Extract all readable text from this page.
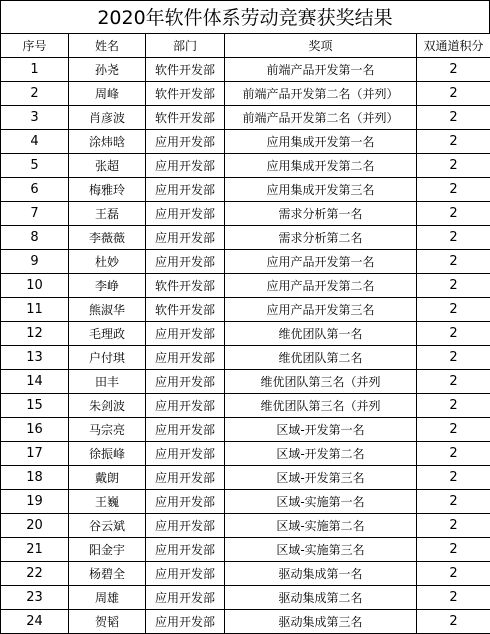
2020年软件体系劳动竞赛获奖结果
序号	姓名	部门	奖项	双通道积分
1	孙尧	软件开发部	前端产品开发第一名	2
2	周峰	软件开发部	前端产品开发第二名（并列）	2
3	肖彦波	软件开发部	前端产品开发第二名（并列）	2
4	涂炜晗	应用开发部	应用集成开发第一名	2
5	张超	应用开发部	应用集成开发第二名	2
6	梅雅玲	应用开发部	应用集成开发第三名	2
7	王磊	应用开发部	需求分析第一名	2
8	李薇薇	应用开发部	需求分析第二名	2
9	杜妙	应用开发部	应用产品开发第一名	2
10	李峥	软件开发部	应用产品开发第二名	2
11	熊淑华	软件开发部	应用产品开发第三名	2
12	毛理政	应用开发部	维优团队第一名	2
13	户付琪	应用开发部	维优团队第二名	2
14	田丰	应用开发部	维优团队第三名（并列	2
15	朱剑波	应用开发部	维优团队第三名（并列	2
16	马宗亮	应用开发部	区域-开发第一名	2
17	徐振峰	应用开发部	区域-开发第二名	2
18	戴朗	应用开发部	区域-开发第三名	2
19	王巍	应用开发部	区域-实施第一名	2
20	谷云斌	应用开发部	区域-实施第二名	2
21	阳金宇	应用开发部	区域-实施第三名	2
22	杨碧全	应用开发部	驱动集成第一名	2
23	周雄	应用开发部	驱动集成第二名	2
24	贺韬	应用开发部	驱动集成第三名	2
